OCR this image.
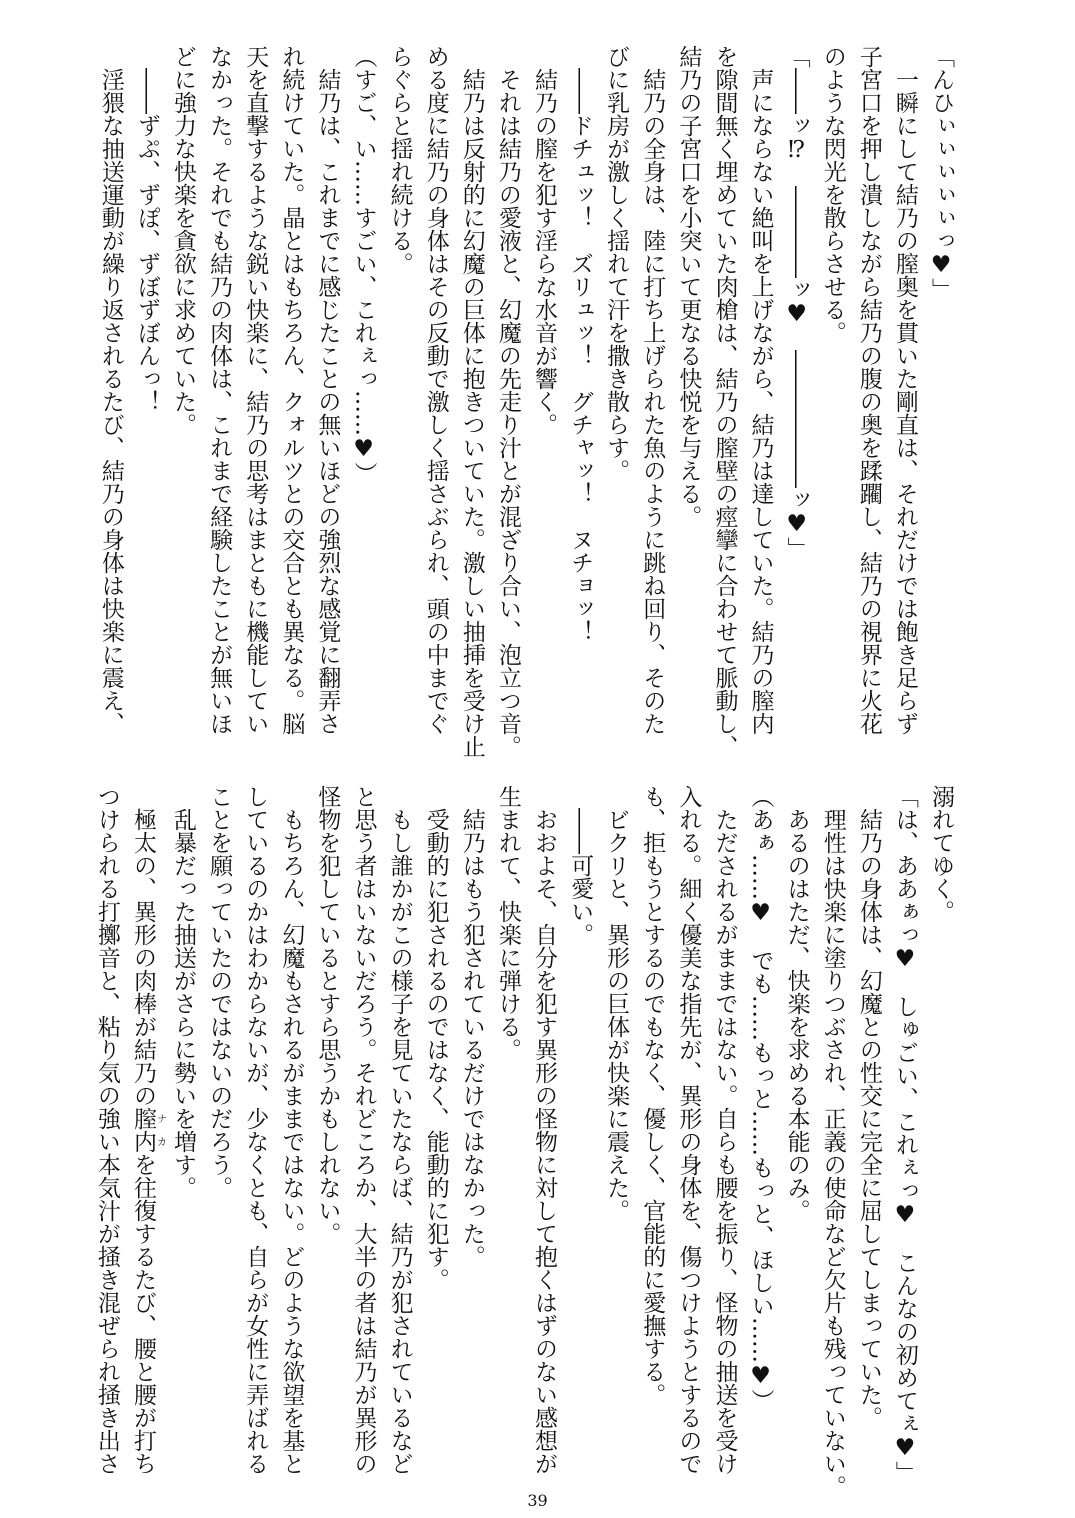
「んひぃぃぃぃぃっ♥」
　一瞬にして結乃の膣奥を貫いた剛直は、それだけでは飽き足らず
子宮口を押し潰しながら結乃の腹の奥を蹂躙し、結乃の視界に火花
のような閃光を散らさせる。
「――ッ⁉　――――ッ♥　――――――ッ♥」
　声にならない絶叫を上げながら、結乃は達していた。結乃の膣内
を隙間無く埋めていた肉槍は、結乃の膣壁の痙攣に合わせて脈動し、
結乃の子宮口を小突いて更なる快悦を与える。
　結乃の全身は、陸に打ち上げられた魚のように跳ね回り、そのた
びに乳房が激しく揺れて汗を撒き散らす。
　――ドチュッ！　ズリュッ！　グチャッ！　ヌチョッ！
　結乃の膣を犯す淫らな水音が響く。
　それは結乃の愛液と、幻魔の先走り汁とが混ざり合い、泡立つ音。
　結乃は反射的に幻魔の巨体に抱きついていた。激しい抽挿を受け止
める度に結乃の身体はその反動で激しく揺さぶられ、頭の中までぐ
らぐらと揺れ続ける。
（すご、い……すごい、これぇっ……♥）
　結乃は、これまでに感じたことの無いほどの強烈な感覚に翻弄さ
れ続けていた。晶とはもちろん、クォルツとの交合とも異なる。脳
天を直撃するような鋭い快楽に、結乃の思考はまともに機能してい
なかった。それでも結乃の肉体は、これまで経験したことが無いほ
どに強力な快楽を貪欲に求めていた。
　――ずぷ、ずぽ、ずぼずぼんっ！
　淫猥な抽送運動が繰り返されるたび、結乃の身体は快楽に震え、
溺れてゆく。
「は、ああぁっ♥　しゅごい、これぇっ♥　こんなの初めてぇ♥」
　結乃の身体は、幻魔との性交に完全に屈してしまっていた。
　理性は快楽に塗りつぶされ、正義の使命など欠片も残っていない。
　あるのはただ、快楽を求める本能のみ。
（あぁ……♥　でも……もっと……もっと、ほしい……♥）
　ただされるがままではない。自らも腰を振り、怪物の抽送を受け
入れる。細く優美な指先が、異形の身体を、傷つけようとするので
も、拒もうとするのでもなく、優しく、官能的に愛撫する。
　ビクリと、異形の巨体が快楽に震えた。
　――可愛い。
　おおよそ、自分を犯す異形の怪物に対して抱くはずのない感想が
生まれて、快楽に弾ける。
　結乃はもう犯されているだけではなかった。
　受動的に犯されるのではなく、能動的に犯す。
　もし誰かがこの様子を見ていたならば、結乃が犯されているなど
と思う者はいないだろう。それどころか、大半の者は結乃が異形の
怪物を犯しているとすら思うかもしれない。
　もちろん、幻魔もされるがままではない。どのような欲望を基と
しているのかはわからないが、少なくとも、自らが女性に弄ばれる
ことを願っていたのではないのだろう。
　乱暴だった抽送がさらに勢いを増す。
　極太の、異形の肉棒が結乃の膣内ナカを往復するたび、腰と腰が打ち
つけられる打擲音と、粘り気の強い本気汁が掻き混ぜられ掻き出さ
39
